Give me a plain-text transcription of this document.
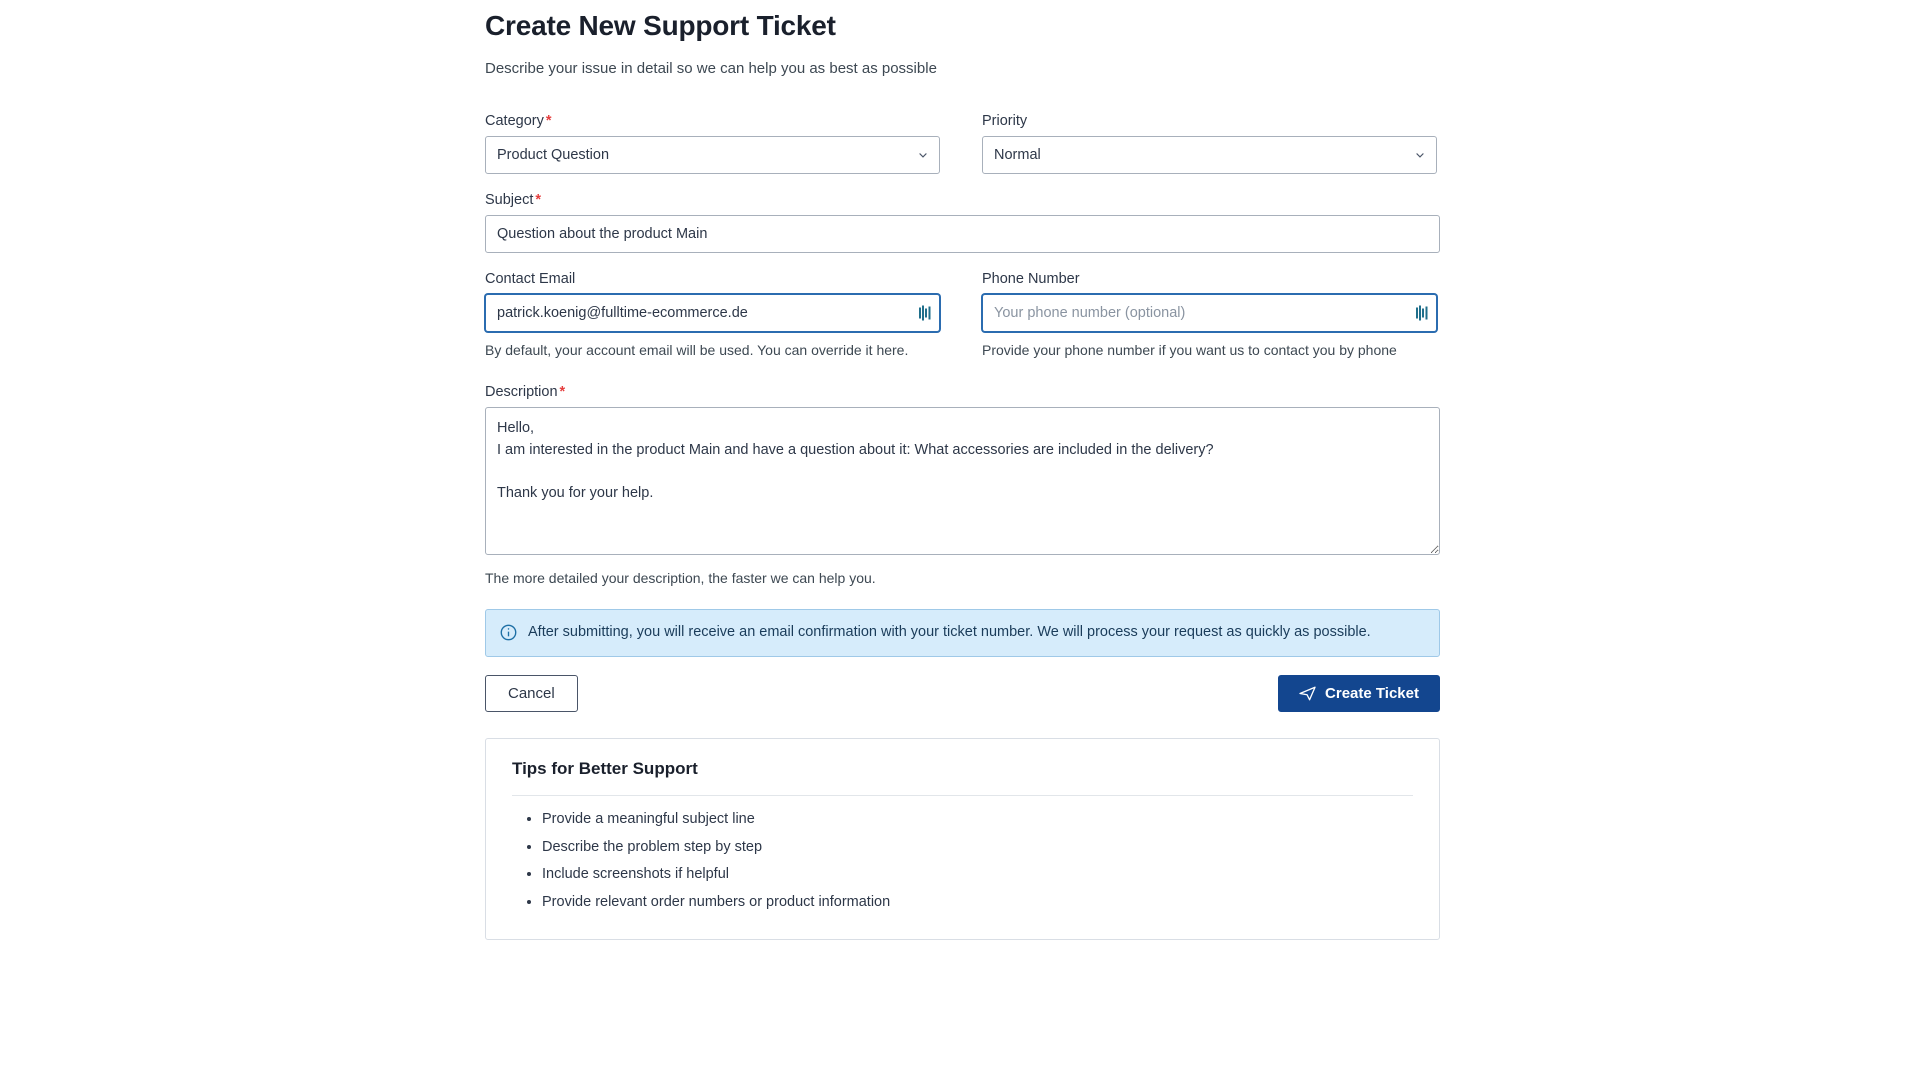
Create New Support Ticket

Describe your issue in detail so we can help you as best as possible

Category *
Product Question	Priority
Normal
Subject *
Question about the product Main
Contact Email
patrick.koenig@fulltime-ecommerce.de
By default, your account email will be used. You can override it here.
Phone Number
Your phone number (optional)
Provide your phone number if you want us to contact you by phone
Description *
Hello, I am interested in the product Main and have a question about it: What accessories are included in the delivery? Thank you for your help.
The more detailed your description, the faster we can help you.
After submitting, you will receive an email confirmation with your ticket number. We will process your request as quickly as possible.
Cancel	Create Ticket
Tips for Better Support
• Provide a meaningful subject line
• Describe the problem step by step
• Include screenshots if helpful
• Provide relevant order numbers or product information
